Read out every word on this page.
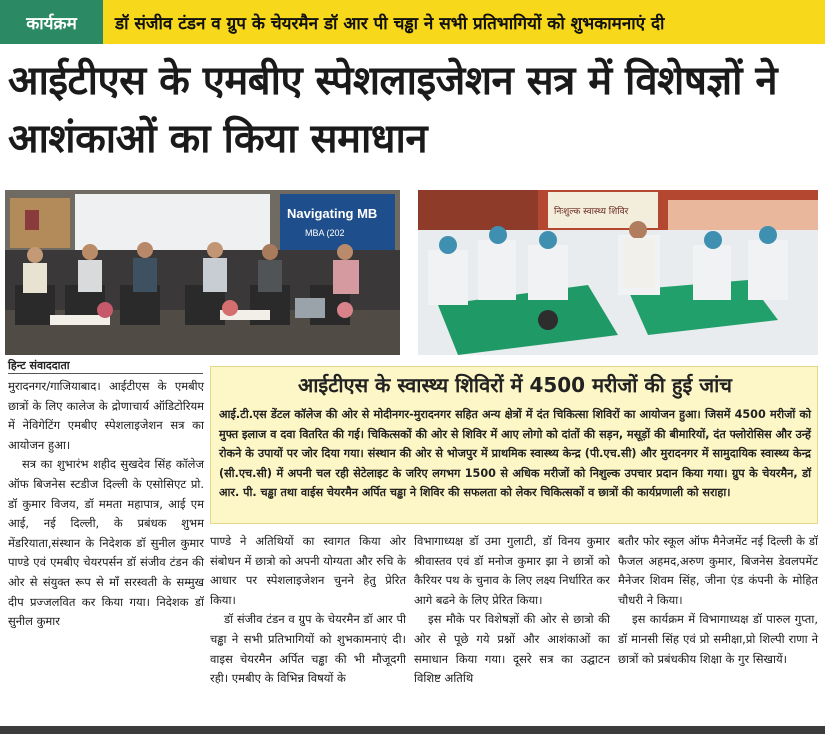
कार्यक्रम	डॉ संजीव टंडन व ग्रुप के चेयरमैन डॉ आर पी चड्ढा ने सभी प्रतिभागियों को शुभकामनाएं दी
आईटीएस के एमबीए स्पेशलाइजेशन सत्र में विशेषज्ञों ने आशंकाओं का किया समाधान
Navigating MB
MBA (202
निःशुल्क स्वास्थ्य शिविर
हिन्ट संवाददाता

मुरादनगर/गाजियाबाद। आईटीएस के एमबीए छात्रों के लिए कालेज के द्रोणाचार्य ऑडिटोरियम में नेविगेटिंग एमबीए स्पेशलाइजेशन सत्र का आयोजन हुआ।

सत्र का शुभारंभ शहीद सुखदेव सिंह कॉलेज ऑफ बिजनेस स्टडीज दिल्ली के एसोसिएट प्रो. डॉ कुमार विजय, डॉ ममता महापात्र, आई एम आई, नई दिल्ली, के प्रबंधक शुभम मेंडरियाता,संस्थान के निदेशक डॉ सुनील कुमार पाण्डे एवं एमबीए चेयरपर्सन डॉ संजीव टंडन की ओर से संयुक्त रूप से माँ सरस्वती के सम्मुख दीप प्रज्जलवित कर किया गया। निदेशक डॉ सुनील कुमार

आईटीएस के स्वास्थ्य शिविरों में 4500 मरीजों की हुई जांच
आई.टी.एस डेंटल कॉलेज की ओर से मोदीनगर-मुरादनगर सहित अन्य क्षेत्रों में दंत चिकित्सा शिविरों का आयोजन हुआ। जिसमें 4500 मरीजों को मुफ्त इलाज व दवा वितरित की गई। चिकित्सकों की ओर से शिविर में आए लोगो को दांतों की सड़न, मसूड़ों की बीमारियों, दंत फ्लोरोसिस और उन्हें रोकने के उपायों पर जोर दिया गया। संस्थान की ओर से भोजपुर में प्राथमिक स्वास्थ्य केन्द्र (पी.एच.सी) और मुरादनगर में सामुदायिक स्वास्थ्य केन्द्र (सी.एच.सी) में अपनी चल रही सेटेलाइट के जरिए लगभग 1500 से अधिक मरीजों को निशुल्क उपचार प्रदान किया गया। ग्रुप के चेयरमैन, डॉ आर. पी. चड्ढा तथा वाईस चेयरमैन अर्पित चड्ढा ने शिविर की सफलता को लेकर चिकित्सकों व छात्रों की कार्यप्रणाली को सराहा।

पाण्डे ने अतिथियों का स्वागत किया ओर संबोधन में छात्रो को अपनी योग्यता और रुचि के आधार पर स्पेशलाइजेशन चुनने हेतु प्रेरित किया।

डॉ संजीव टंडन व ग्रुप के चेयरमैन डॉ आर पी चड्ढा ने सभी प्रतिभागियों को शुभकामनाएं दी। वाइस चेयरमैन अर्पित चड्ढा की भी मौजूदगी रही। एमबीए के विभिन्न विषयों के

विभागाध्यक्ष डॉ उमा गुलाटी, डॉ विनय कुमार श्रीवास्तव एवं डॉ मनोज कुमार झा ने छात्रों को कैरियर पथ के चुनाव के लिए लक्ष्य निर्धारित कर आगे बढने के लिए प्रेरित किया।

इस मौके पर विशेषज्ञों की ओर से छात्रो की ओर से पूछे गये प्रश्नों और आशंकाओं का समाधान किया गया। दूसरे सत्र का उद्घाटन विशिष्ट अतिथि

बतौर फोर स्कूल ऑफ मैनेजमेंट नई दिल्ली के डॉ फैजल अहमद,अरुण कुमार, बिजनेस डेवलपमेंट मैनेजर शिवम सिंह, जीना एंड कंपनी के मोहित चौधरी ने किया।

इस कार्यक्रम में विभागाध्यक्ष डॉ पारुल गुप्ता, डॉ मानसी सिंह एवं प्रो समीक्षा,प्रो शिल्पी राणा ने छात्रों को प्रबंधकीय शिक्षा के गुर सिखायें।
